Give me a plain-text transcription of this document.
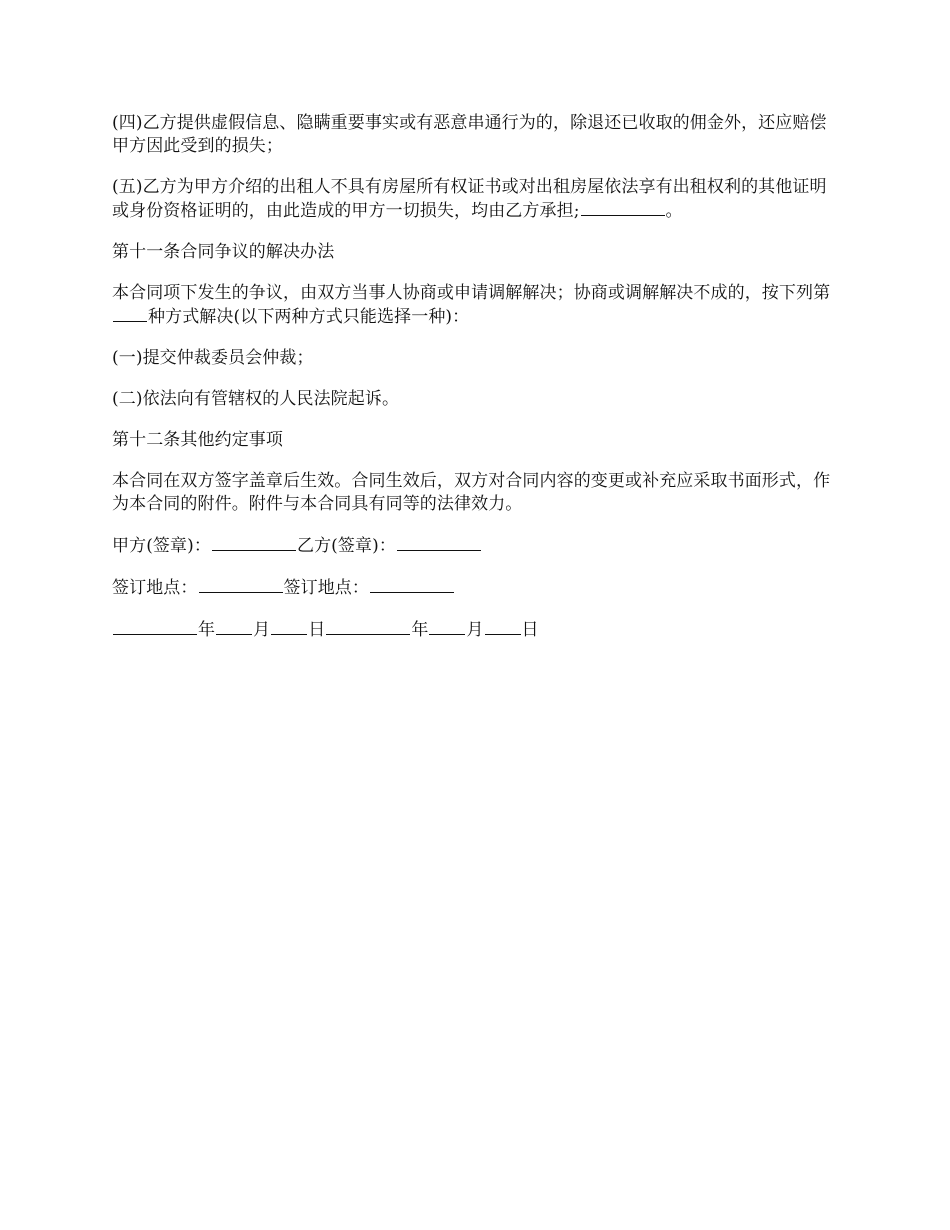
(四)乙方提供虚假信息、隐瞒重要事实或有恶意串通行为的，除退还已收取的佣金外，还应赔偿甲方因此受到的损失；

(五)乙方为甲方介绍的出租人不具有房屋所有权证书或对出租房屋依法享有出租权利的其他证明或身份资格证明的，由此造成的甲方一切损失，均由乙方承担;	。

第十一条合同争议的解决办法

本合同项下发生的争议，由双方当事人协商或申请调解解决；协商或调解解决不成的，按下列第种方式解决(以下两种方式只能选择一种)：

(一)提交仲裁委员会仲裁；

(二)依法向有管辖权的人民法院起诉。

第十二条其他约定事项

本合同在双方签字盖章后生效。合同生效后，双方对合同内容的变更或补充应采取书面形式，作为本合同的附件。附件与本合同具有同等的法律效力。

甲方(签章)：	乙方(签章)：

签订地点：	签订地点：

年 月 日	年 月 日
